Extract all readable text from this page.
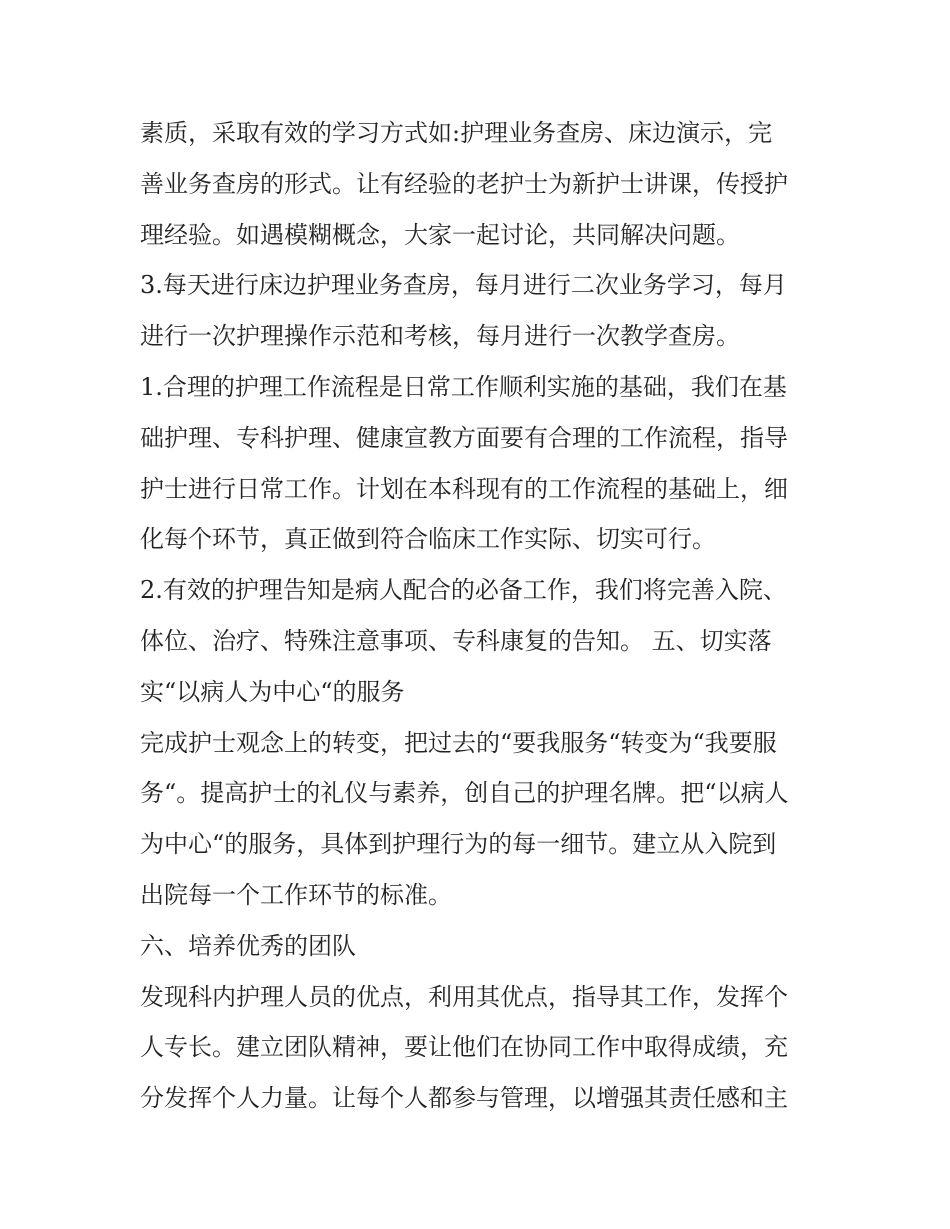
素质，采取有效的学习方式如:护理业务查房、床边演示，完

善业务查房的形式。让有经验的老护士为新护士讲课，传授护

理经验。如遇模糊概念，大家一起讨论，共同解决问题。

3.每天进行床边护理业务查房，每月进行二次业务学习，每月

进行一次护理操作示范和考核，每月进行一次教学查房。

1.合理的护理工作流程是日常工作顺利实施的基础，我们在基

础护理、专科护理、健康宣教方面要有合理的工作流程，指导

护士进行日常工作。计划在本科现有的工作流程的基础上，细

化每个环节，真正做到符合临床工作实际、切实可行。

2.有效的护理告知是病人配合的必备工作，我们将完善入院、

体位、治疗、特殊注意事项、专科康复的告知。 五、切实落

实“以病人为中心“的服务

完成护士观念上的转变，把过去的“要我服务“转变为“我要服

务“。提高护士的礼仪与素养，创自己的护理名牌。把“以病人

为中心“的服务，具体到护理行为的每一细节。建立从入院到

出院每一个工作环节的标准。

六、培养优秀的团队

发现科内护理人员的优点，利用其优点，指导其工作，发挥个

人专长。建立团队精神，要让他们在协同工作中取得成绩，充

分发挥个人力量。让每个人都参与管理，以增强其责任感和主
